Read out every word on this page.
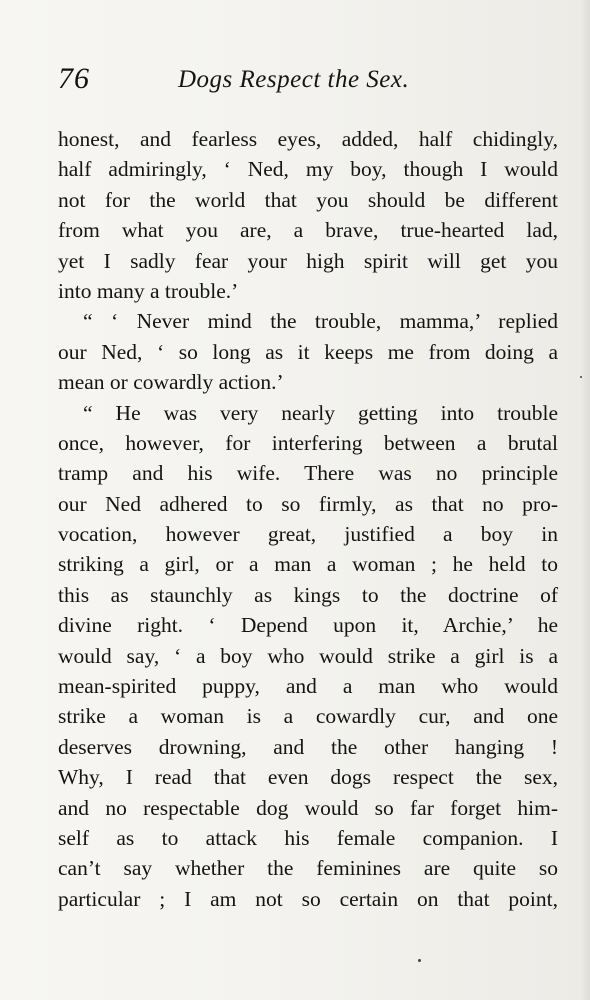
76	Dogs Respect the Sex.
honest, and fearless eyes, added, half chidingly,
half admiringly, ‘ Ned, my boy, though I would
not for the world that you should be different
from what you are, a brave, true-hearted lad,
yet I sadly fear your high spirit will get you
into many a trouble.’
“ ‘ Never mind the trouble, mamma,’ replied
our Ned, ‘ so long as it keeps me from doing a
mean or cowardly action.’
“ He was very nearly getting into trouble
once, however, for interfering between a brutal
tramp and his wife. There was no principle
our Ned adhered to so firmly, as that no pro-
vocation, however great, justified a boy in
striking a girl, or a man a woman ; he held to
this as staunchly as kings to the doctrine of
divine right. ‘ Depend upon it, Archie,’ he
would say, ‘ a boy who would strike a girl is a
mean-spirited puppy, and a man who would
strike a woman is a cowardly cur, and one
deserves drowning, and the other hanging !
Why, I read that even dogs respect the sex,
and no respectable dog would so far forget him-
self as to attack his female companion. I
can’t say whether the feminines are quite so
particular ; I am not so certain on that point,
